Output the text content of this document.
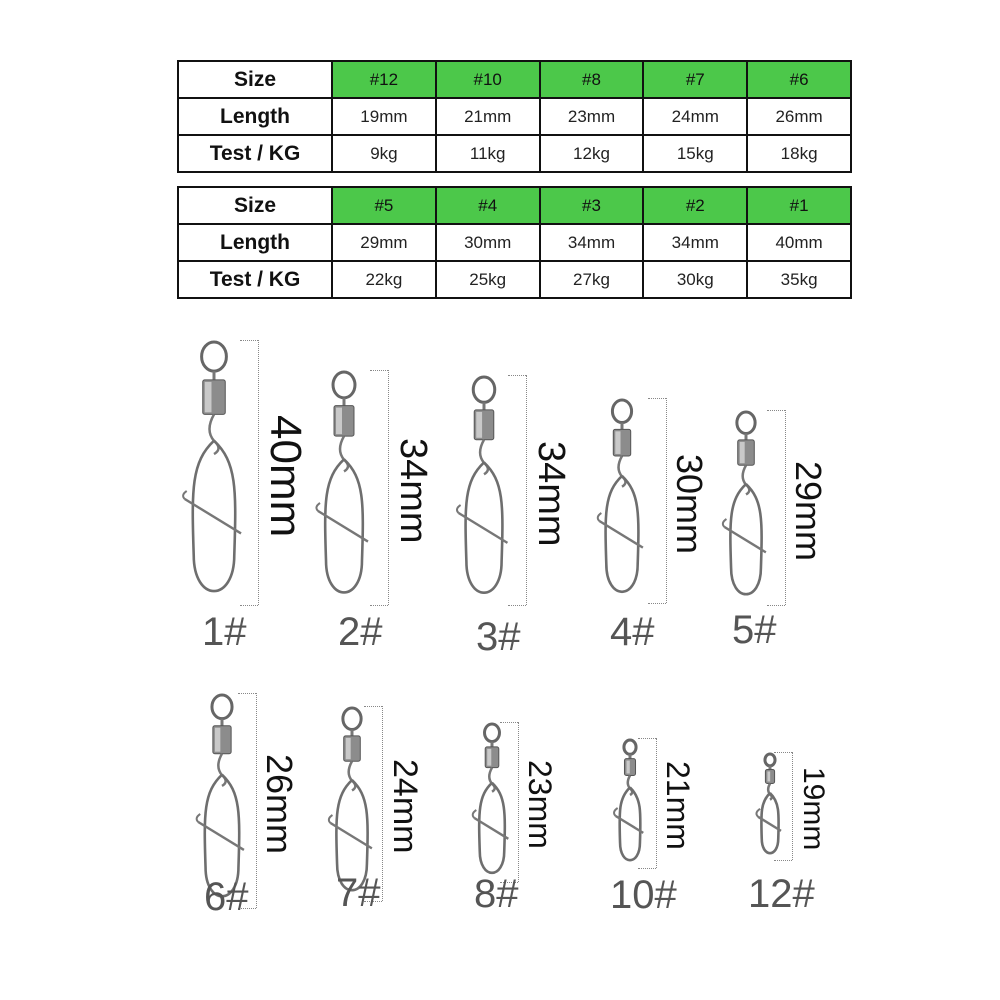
Size	#12	#10	#8	#7	#6
Length	19mm	21mm	23mm	24mm	26mm
Test / KG	9kg	11kg	12kg	15kg	18kg
Size	#5	#4	#3	#2	#1
Length	29mm	30mm	34mm	34mm	40mm
Test / KG	22kg	25kg	27kg	30kg	35kg
40mm
1#
34mm
2#
34mm
3#
30mm
4#
29mm
5#
26mm
6#
24mm
7#
23mm
8#
21mm
10#
19mm
12#
